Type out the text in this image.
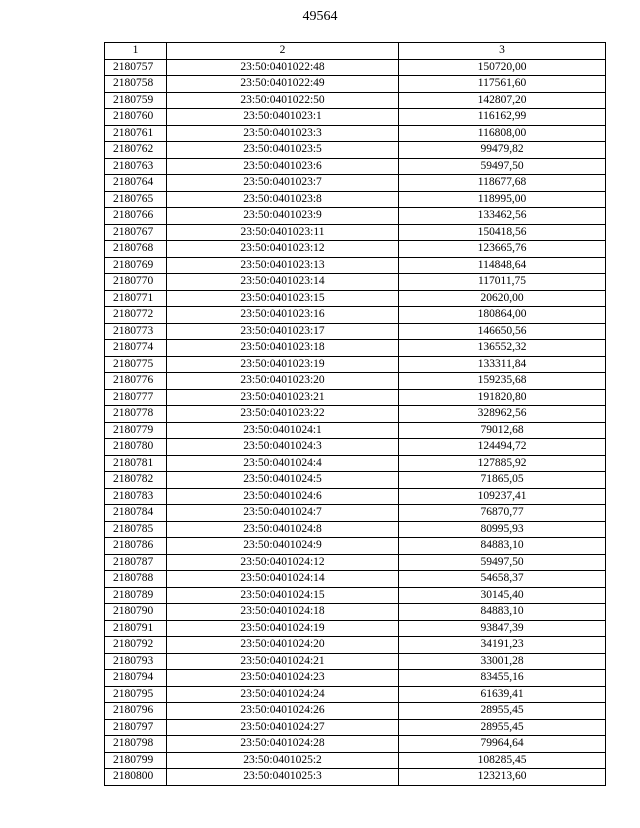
49564
1	2	3
2180757	23:50:0401022:48	150720,00
2180758	23:50:0401022:49	117561,60
2180759	23:50:0401022:50	142807,20
2180760	23:50:0401023:1	116162,99
2180761	23:50:0401023:3	116808,00
2180762	23:50:0401023:5	99479,82
2180763	23:50:0401023:6	59497,50
2180764	23:50:0401023:7	118677,68
2180765	23:50:0401023:8	118995,00
2180766	23:50:0401023:9	133462,56
2180767	23:50:0401023:11	150418,56
2180768	23:50:0401023:12	123665,76
2180769	23:50:0401023:13	114848,64
2180770	23:50:0401023:14	117011,75
2180771	23:50:0401023:15	20620,00
2180772	23:50:0401023:16	180864,00
2180773	23:50:0401023:17	146650,56
2180774	23:50:0401023:18	136552,32
2180775	23:50:0401023:19	133311,84
2180776	23:50:0401023:20	159235,68
2180777	23:50:0401023:21	191820,80
2180778	23:50:0401023:22	328962,56
2180779	23:50:0401024:1	79012,68
2180780	23:50:0401024:3	124494,72
2180781	23:50:0401024:4	127885,92
2180782	23:50:0401024:5	71865,05
2180783	23:50:0401024:6	109237,41
2180784	23:50:0401024:7	76870,77
2180785	23:50:0401024:8	80995,93
2180786	23:50:0401024:9	84883,10
2180787	23:50:0401024:12	59497,50
2180788	23:50:0401024:14	54658,37
2180789	23:50:0401024:15	30145,40
2180790	23:50:0401024:18	84883,10
2180791	23:50:0401024:19	93847,39
2180792	23:50:0401024:20	34191,23
2180793	23:50:0401024:21	33001,28
2180794	23:50:0401024:23	83455,16
2180795	23:50:0401024:24	61639,41
2180796	23:50:0401024:26	28955,45
2180797	23:50:0401024:27	28955,45
2180798	23:50:0401024:28	79964,64
2180799	23:50:0401025:2	108285,45
2180800	23:50:0401025:3	123213,60
